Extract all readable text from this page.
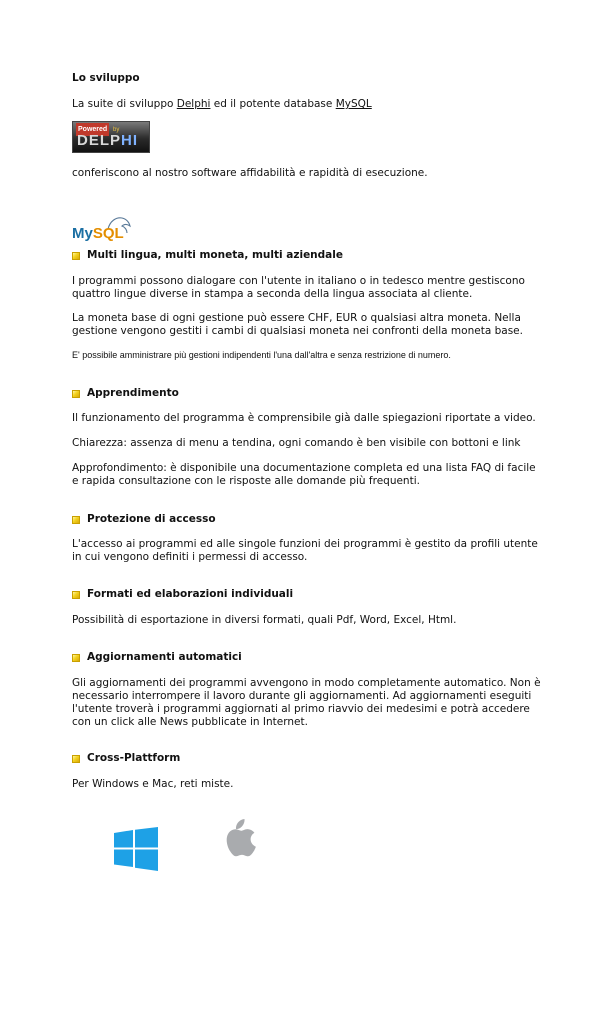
Lo sviluppo
La suite di sviluppo Delphi ed il potente database MySQL
Powered by
DELPHI

conferiscono al nostro software affidabilità e rapidità di esecuzione.

MySQL
Multi lingua, multi moneta, multi aziendale

I programmi possono dialogare con l'utente in italiano o in tedesco mentre gestiscono quattro lingue diverse in stampa a seconda della lingua associata al cliente.

La moneta base di ogni gestione può essere CHF, EUR o qualsiasi altra moneta. Nella gestione vengono gestiti i cambi di qualsiasi moneta nei confronti della moneta base.

E' possibile amministrare più gestioni indipendenti l'una dall'altra e senza restrizione di numero.

Apprendimento

Il funzionamento del programma è comprensibile già dalle spiegazioni riportate a video.

Chiarezza: assenza di menu a tendina, ogni comando è ben visibile con bottoni e link

Approfondimento: è disponibile una documentazione completa ed una lista FAQ di facile e rapida consultazione con le risposte alle domande più frequenti.

Protezione di accesso

L'accesso ai programmi ed alle singole funzioni dei programmi è gestito da profili utente in cui vengono definiti i permessi di accesso.

Formati ed elaborazioni individuali

Possibilità di esportazione in diversi formati, quali Pdf, Word, Excel, Html.

Aggiornamenti automatici

Gli aggiornamenti dei programmi avvengono in modo completamente automatico. Non è necessario interrompere il lavoro durante gli aggiornamenti. Ad aggiornamenti eseguiti l'utente troverà i programmi aggiornati al primo riavvio dei medesimi e potrà accedere con un click alle News pubblicate in Internet.

Cross-Plattform

Per Windows e Mac, reti miste.
